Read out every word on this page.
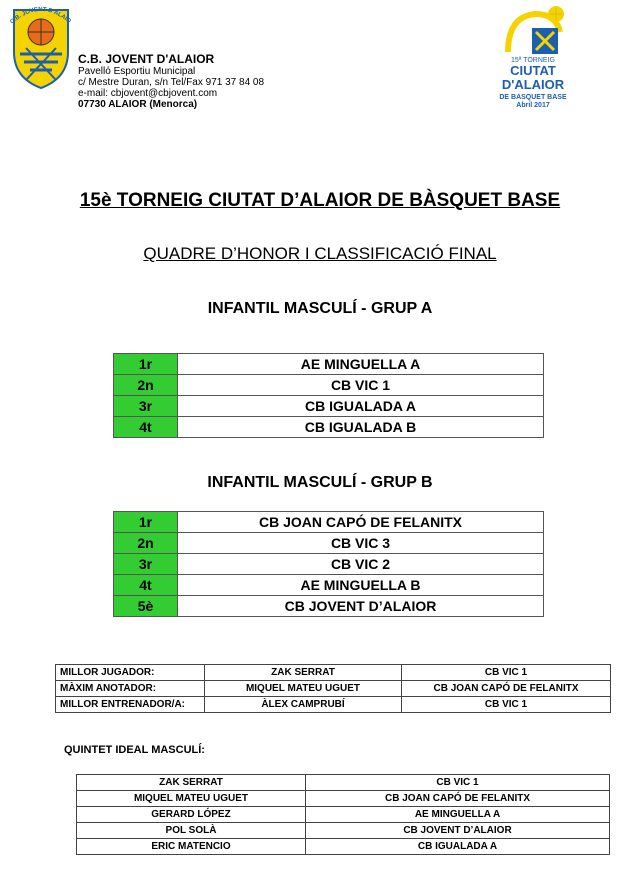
C.B. JOVENT D'ALAIO
C.B. JOVENT D'ALAIOR
Pavelló Esportiu Municipal
c/ Mestre Duran, s/n Tel/Fax 971 37 84 08
e-mail: cbjovent@cbjovent.com
07730 ALAIOR (Menorca)
15ª TORNEIG
CIUTAT
D'ALAIOR
DE BASQUET BASE
Abril 2017
15è TORNEIG CIUTAT D’ALAIOR DE BÀSQUET BASE
QUADRE D’HONOR I CLASSIFICACIÓ FINAL
INFANTIL MASCULÍ - GRUP A
1r	AE MINGUELLA A
2n	CB VIC 1
3r	CB IGUALADA A
4t	CB IGUALADA B
INFANTIL MASCULÍ - GRUP B
1r	CB JOAN CAPÓ DE FELANITX
2n	CB VIC 3
3r	CB VIC 2
4t	AE MINGUELLA B
5è	CB JOVENT D’ALAIOR
MILLOR JUGADOR:	ZAK SERRAT	CB VIC 1
MÀXIM ANOTADOR:	MIQUEL MATEU UGUET	CB JOAN CAPÓ DE FELANITX
MILLOR ENTRENADOR/A:	ÀLEX CAMPRUBÍ	CB VIC 1
QUINTET IDEAL MASCULÍ:
ZAK SERRAT	CB VIC 1
MIQUEL MATEU UGUET	CB JOAN CAPÓ DE FELANITX
GERARD LÓPEZ	AE MINGUELLA A
POL SOLÀ	CB JOVENT D’ALAIOR
ERIC MATENCIO	CB IGUALADA A
